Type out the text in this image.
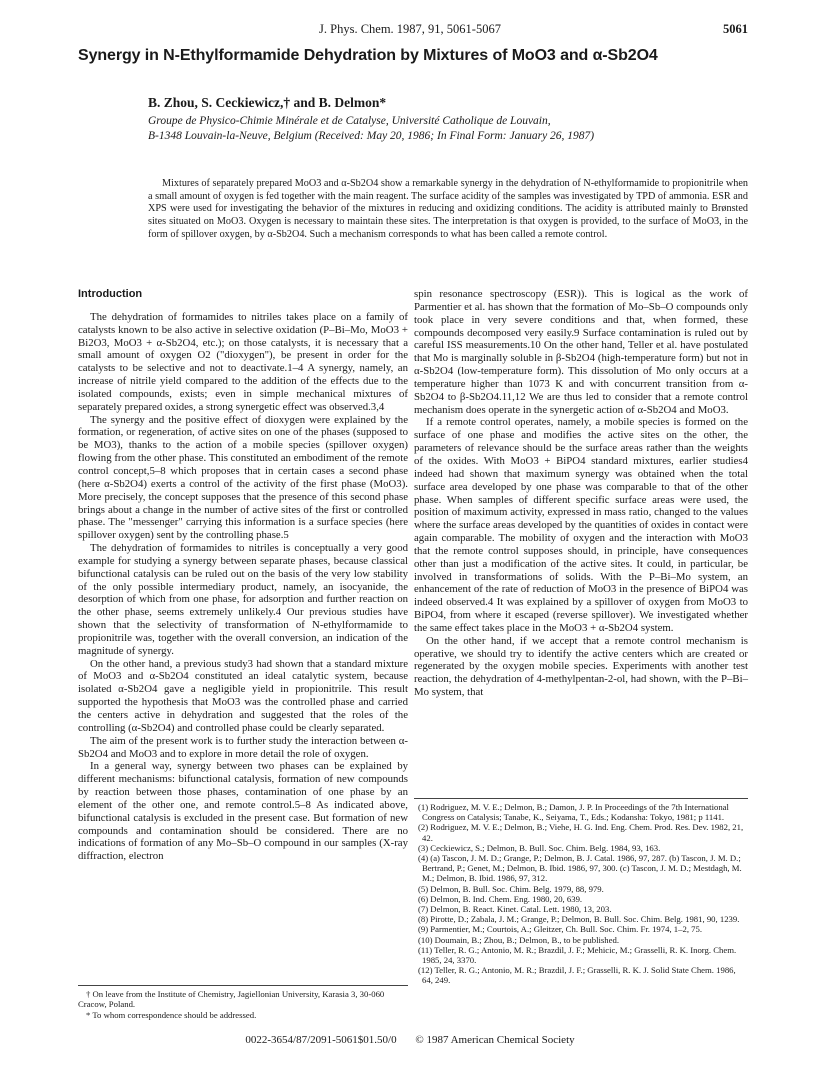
J. Phys. Chem. 1987, 91, 5061-5067	5061
Synergy in N-Ethylformamide Dehydration by Mixtures of MoO3 and α-Sb2O4
B. Zhou, S. Ceckiewicz,† and B. Delmon*
Groupe de Physico-Chimie Minérale et de Catalyse, Université Catholique de Louvain,
B-1348 Louvain-la-Neuve, Belgium (Received: May 20, 1986; In Final Form: January 26, 1987)
Mixtures of separately prepared MoO3 and α-Sb2O4 show a remarkable synergy in the dehydration of N-ethylformamide to propionitrile when a small amount of oxygen is fed together with the main reagent. The surface acidity of the samples was investigated by TPD of ammonia. ESR and XPS were used for investigating the behavior of the mixtures in reducing and oxidizing conditions. The acidity is attributed mainly to Brønsted sites situated on MoO3. Oxygen is necessary to maintain these sites. The interpretation is that oxygen is provided, to the surface of MoO3, in the form of spillover oxygen, by α-Sb2O4. Such a mechanism corresponds to what has been called a remote control.
Introduction

The dehydration of formamides to nitriles takes place on a family of catalysts known to be also active in selective oxidation (P–Bi–Mo, MoO3 + Bi2O3, MoO3 + α-Sb2O4, etc.); on those catalysts, it is necessary that a small amount of oxygen O2 ("dioxygen"), be present in order for the catalysts to be selective and not to deactivate.1–4 A synergy, namely, an increase of nitrile yield compared to the addition of the effects due to the isolated compounds, exists; even in simple mechanical mixtures of separately prepared oxides, a strong synergetic effect was observed.3,4

The synergy and the positive effect of dioxygen were explained by the formation, or regeneration, of active sites on one of the phases (supposed to be MO3), thanks to the action of a mobile species (spillover oxygen) flowing from the other phase. This constituted an embodiment of the remote control concept,5–8 which proposes that in certain cases a second phase (here α-Sb2O4) exerts a control of the activity of the first phase (MoO3). More precisely, the concept supposes that the presence of this second phase brings about a change in the number of active sites of the first or controlled phase. The "messenger" carrying this information is a surface species (here spillover oxygen) sent by the controlling phase.5

The dehydration of formamides to nitriles is conceptually a very good example for studying a synergy between separate phases, because classical bifunctional catalysis can be ruled out on the basis of the very low stability of the only possible intermediary product, namely, an isocyanide, the desorption of which from one phase, for adsorption and further reaction on the other phase, seems extremely unlikely.4 Our previous studies have shown that the selectivity of transformation of N-ethylformamide to propionitrile was, together with the overall conversion, an indication of the magnitude of synergy.

On the other hand, a previous study3 had shown that a standard mixture of MoO3 and α-Sb2O4 constituted an ideal catalytic system, because isolated α-Sb2O4 gave a negligible yield in propionitrile. This result supported the hypothesis that MoO3 was the controlled phase and carried the centers active in dehydration and suggested that the roles of the controlling (α-Sb2O4) and controlled phase could be clearly separated.

The aim of the present work is to further study the interaction between α-Sb2O4 and MoO3 and to explore in more detail the role of oxygen.

In a general way, synergy between two phases can be explained by different mechanisms: bifunctional catalysis, formation of new compounds by reaction between those phases, contamination of one phase by an element of the other one, and remote control.5–8 As indicated above, bifunctional catalysis is excluded in the present case. But formation of new compounds and contamination should be considered. There are no indications of formation of any Mo–Sb–O compound in our samples (X-ray diffraction, electron

spin resonance spectroscopy (ESR)). This is logical as the work of Parmentier et al. has shown that the formation of Mo–Sb–O compounds only took place in very severe conditions and that, when formed, these compounds decomposed very easily.9 Surface contamination is ruled out by careful ISS measurements.10 On the other hand, Teller et al. have postulated that Mo is marginally soluble in β-Sb2O4 (high-temperature form) but not in α-Sb2O4 (low-temperature form). This dissolution of Mo only occurs at a temperature higher than 1073 K and with concurrent transition from α-Sb2O4 to β-Sb2O4.11,12 We are thus led to consider that a remote control mechanism does operate in the synergetic action of α-Sb2O4 and MoO3.

If a remote control operates, namely, a mobile species is formed on the surface of one phase and modifies the active sites on the other, the parameters of relevance should be the surface areas rather than the weights of the oxides. With MoO3 + BiPO4 standard mixtures, earlier studies4 indeed had shown that maximum synergy was obtained when the total surface area developed by one phase was comparable to that of the other phase. When samples of different specific surface areas were used, the position of maximum activity, expressed in mass ratio, changed to the values where the surface areas developed by the quantities of oxides in contact were again comparable. The mobility of oxygen and the interaction with MoO3 that the remote control supposes should, in principle, have consequences other than just a modification of the active sites. It could, in particular, be involved in transformations of solids. With the P–Bi–Mo system, an enhancement of the rate of reduction of MoO3 in the presence of BiPO4 was indeed observed.4 It was explained by a spillover of oxygen from MoO3 to BiPO4, from where it escaped (reverse spillover). We investigated whether the same effect takes place in the MoO3 + α-Sb2O4 system.

On the other hand, if we accept that a remote control mechanism is operative, we should try to identify the active centers which are created or regenerated by the oxygen mobile species. Experiments with another test reaction, the dehydration of 4-methylpentan-2-ol, had shown, with the P–Bi–Mo system, that

(1) Rodriguez, M. V. E.; Delmon, B.; Damon, J. P. In Proceedings of the 7th International Congress on Catalysis; Tanabe, K., Seiyama, T., Eds.; Kodansha: Tokyo, 1981; p 1141.

(2) Rodriguez, M. V. E.; Delmon, B.; Viehe, H. G. Ind. Eng. Chem. Prod. Res. Dev. 1982, 21, 42.

(3) Ceckiewicz, S.; Delmon, B. Bull. Soc. Chim. Belg. 1984, 93, 163.

(4) (a) Tascon, J. M. D.; Grange, P.; Delmon, B. J. Catal. 1986, 97, 287. (b) Tascon, J. M. D.; Bertrand, P.; Genet, M.; Delmon, B. Ibid. 1986, 97, 300. (c) Tascon, J. M. D.; Mestdagh, M. M.; Delmon, B. Ibid. 1986, 97, 312.

(5) Delmon, B. Bull. Soc. Chim. Belg. 1979, 88, 979.

(6) Delmon, B. Ind. Chem. Eng. 1980, 20, 639.

(7) Delmon, B. React. Kinet. Catal. Lett. 1980, 13, 203.

(8) Pirotte, D.; Zabala, J. M.; Grange, P.; Delmon, B. Bull. Soc. Chim. Belg. 1981, 90, 1239.

(9) Parmentier, M.; Courtois, A.; Gleitzer, Ch. Bull. Soc. Chim. Fr. 1974, 1–2, 75.

(10) Doumain, B.; Zhou, B.; Delmon, B., to be published.

(11) Teller, R. G.; Antonio, M. R.; Brazdil, J. F.; Mehicic, M.; Grasselli, R. K. Inorg. Chem. 1985, 24, 3370.

(12) Teller, R. G.; Antonio, M. R.; Brazdil, J. F.; Grasselli, R. K. J. Solid State Chem. 1986, 64, 249.

† On leave from the Institute of Chemistry, Jagiellonian University, Karasia 3, 30-060 Cracow, Poland.

* To whom correspondence should be addressed.

0022-3654/87/2091-5061$01.50/0 © 1987 American Chemical Society
